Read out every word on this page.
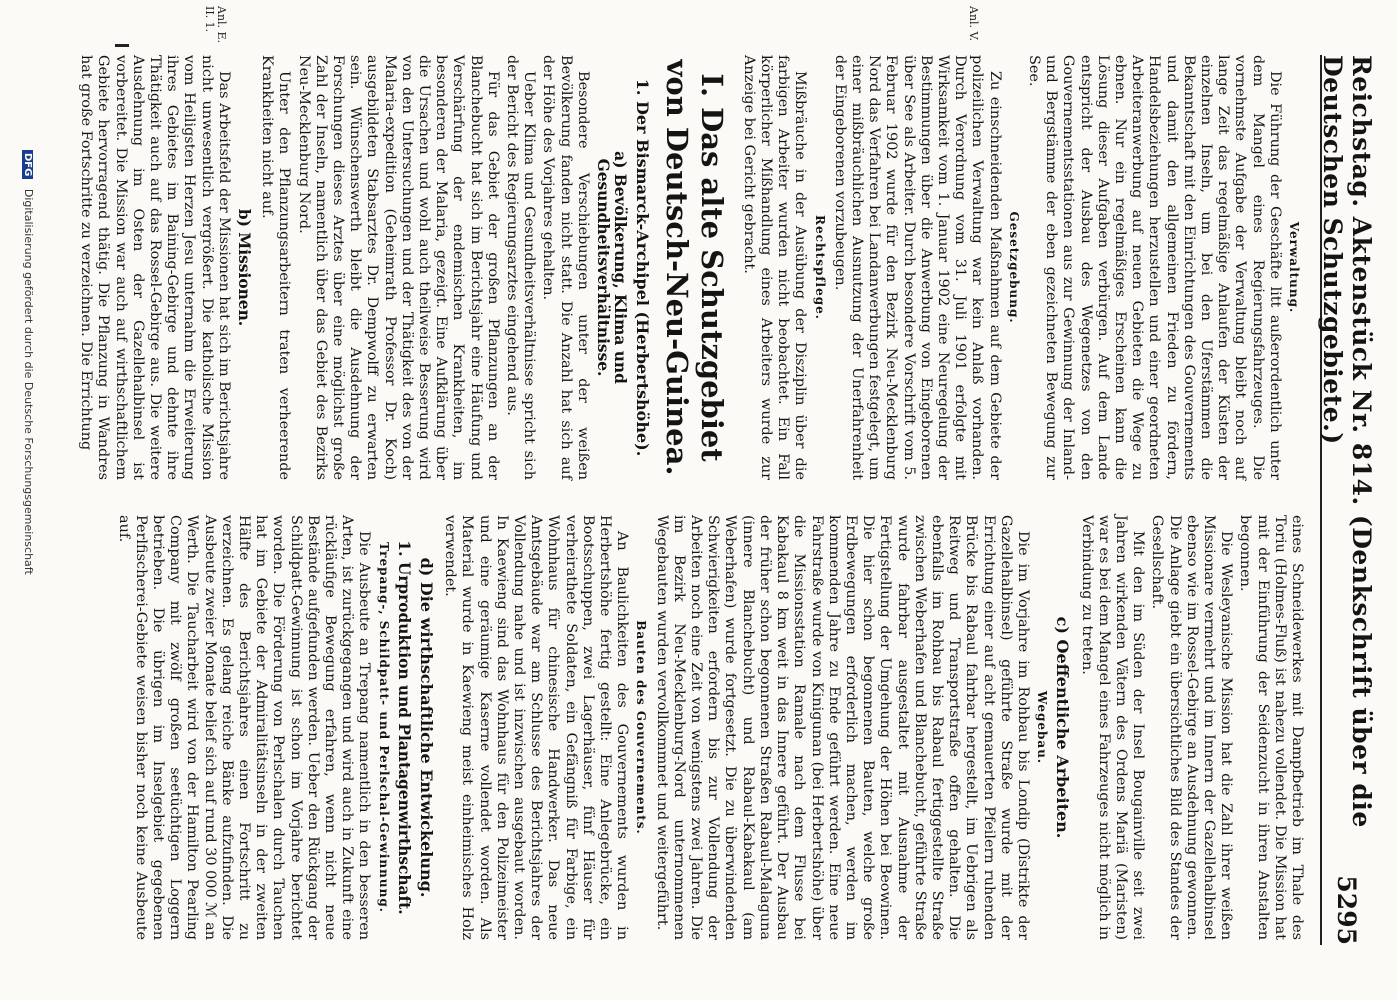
Reichstag. Aktenstück Nr. 814. (Denkschrift über die Deutschen Schutzgebiete.)
5295
Verwaltung.

Die Führung der Geschäfte litt außerordentlich unter dem Mangel eines Regierungsfahrzeuges. Die vornehmste Aufgabe der Verwaltung bleibt noch auf lange Zeit das regelmäßige Anlaufen der Küsten der einzelnen Inseln, um bei den Uferstämmen die Bekanntschaft mit den Einrichtungen des Gouvernements und damit den allgemeinen Frieden zu fördern, Handelsbeziehungen herzustellen und einer geordneten Arbeiteranwerbung auf neuen Gebieten die Wege zu ebnen. Nur ein regelmäßiges Erscheinen kann die Lösung dieser Aufgaben verbürgen. Auf dem Lande entspricht der Ausbau des Wegenetzes von den Gouvernementsstationen aus zur Gewinnung der Inland- und Bergstämme der eben gezeichneten Bewegung zur See.

Gesetzgebung.

Zu einschneidenden Maßnahmen auf dem Gebiete der polizeilichen Verwaltung war kein Anlaß vorhanden. Durch Verordnung vom 31. Juli 1901 erfolgte mit Wirksamkeit vom 1. Januar 1902 eine Neuregelung der Bestimmungen über die Anwerbung von Eingeborenen über See als Arbeiter. Durch besondere Vorschrift vom 5. Februar 1902 wurde für den Bezirk Neu-Mecklenburg Nord das Verfahren bei Landanwerbungen festgelegt, um einer mißbräuchlichen Ausnutzung der Unerfahrenheit der Eingeborenen vorzubeugen.

Rechtspflege.

Mißbräuche in der Ausübung der Disziplin über die farbigen Arbeiter wurden nicht beobachtet. Ein Fall körperlicher Mißhandlung eines Arbeiters wurde zur Anzeige bei Gericht gebracht.

I. Das alte Schutzgebiet von Deutsch-Neu-Guinea.
1. Der Bismarck-Archipel (Herbertshöhe).
a) Bevölkerung, Klima und Gesundheitsverhältnisse.

Besondere Verschiebungen unter der weißen Bevölkerung fanden nicht statt. Die Anzahl hat sich auf der Höhe des Vorjahres gehalten.

Ueber Klima und Gesundheitsverhältnisse spricht sich der Bericht des Regierungsarztes eingehend aus.

Für das Gebiet der großen Pflanzungen an der Blanchebucht hat sich im Berichtsjahr eine Häufung und Verschärfung der endemischen Krankheiten, im besonderen der Malaria, gezeigt. Eine Aufklärung über die Ursachen und wohl auch theilweise Besserung wird von den Untersuchungen und der Thätigkeit des von der Malaria-expedition (Geheimrath Professor Dr. Koch) ausgebildeten Stabsarztes Dr. Dempwolff zu erwarten sein. Wünschenswerth bleibt die Ausdehnung der Forschungen dieses Arztes über eine möglichst große Zahl der Inseln, namentlich über das Gebiet des Bezirks Neu-Mecklenburg Nord.

Unter den Pflanzungsarbeitern traten verheerende Krankheiten nicht auf.

b) Missionen.

Das Arbeitsfeld der Missionen hat sich im Berichtsjahre nicht unwesentlich vergrößert. Die katholische Mission vom Heiligsten Herzen Jesu unternahm die Erweiterung ihres Gebietes im Baining-Gebirge und dehnte ihre Thätigkeit auch auf das Rossel-Gebirge aus. Die weitere Ausdehnung im Osten der Gazellehalbinsel ist vorbereitet. Die Mission war auch auf wirthschaftlichem Gebiete hervorragend thätig. Die Pflanzung in Wandres hat große Fortschritte zu verzeichnen. Die Errichtung

eines Schneidewerkes mit Dampfbetrieb im Thale des Toriu (Holmes-Fluß) ist nahezu vollendet. Die Mission hat mit der Einführung der Seidenzucht in ihren Anstalten begonnen.

Die Wesleyanische Mission hat die Zahl ihrer weißen Missionare vermehrt und im Innern der Gazellehalbinsel ebenso wie im Rossel-Gebirge an Ausdehnung gewonnen. Die Anlage giebt ein übersichtliches Bild des Standes der Gesellschaft.

Mit den im Süden der Insel Bougainville seit zwei Jahren wirkenden Vätern des Ordens Mariä (Maristen) war es bei dem Mangel eines Fahrzeuges nicht möglich in Verbindung zu treten.

c) Oeffentliche Arbeiten.
Wegebau.

Die im Vorjahre im Rohbau bis Londip (Dîstrikte der Gazellehalbinsel) geführte Straße wurde mit der Errichtung einer auf acht gemauerten Pfeilern ruhenden Brücke bis Rabaul fahrbar hergestellt, im Uebrigen als Reitweg und Transportstraße offen gehalten. Die ebenfalls im Rohbau bis Rabaul fertiggestellte Straße zwischen Weberhafen und Blanchebucht, geführte Straße wurde fahrbar ausgestaltet mit Ausnahme der Fertigstellung der Umgehung der Höhen bei Beowinen. Die hier schon begonnenen Bauten, welche große Erdbewegungen erforderlich machen, werden im kommenden Jahre zu Ende geführt werden. Eine neue Fahrstraße wurde von Kinigunan (bei Herbertshöhe) über die Missionsstation Ramale nach dem Flusse bei Kabakaul 8 km weit in das Innere geführt. Der Ausbau der früher schon begonnenen Straßen Rabaul-Malaguna (innere Blanchebucht) und Rabaul-Kabakaul (am Weberhafen) wurde fortgesetzt. Die zu überwindenden Schwierigkeiten erfordern bis zur Vollendung der Arbeiten noch eine Zeit von wenigstens zwei Jahren. Die im Bezirk Neu-Mecklenburg-Nord unternommenen Wegebauten wurden vervollkommnet und weitergeführt.

Bauten des Gouvernements.

An Baulichkeiten des Gouvernements wurden in Herbertshöhe fertig gestellt: Eine Anlegebrücke, ein Bootsschuppen, zwei Lagerhäuser, fünf Häuser für verheirathete Soldaten, ein Gefängniß für Farbige, ein Wohnhaus für chinesische Handwerker. Das neue Amtsgebäude war am Schlusse des Berichtsjahres der Vollendung nahe und ist inzwischen ausgebaut worden. In Kaewieng sind das Wohnhaus für den Polizeimeister und eine geräumige Kaserne vollendet worden. Als Material wurde in Kaewieng meist einheimisches Holz verwendet.

d) Die wirthschaftliche Entwickelung.
1. Urproduktion und Plantagenwirthschaft.
Trepang-, Schildpatt- und Perlschal-Gewinnung.

Die Ausbeute an Trepang namentlich in den besseren Arten, ist zurückgegangen und wird auch in Zukunft eine rückläufige Bewegung erfahren, wenn nicht neue Bestände aufgefunden werden. Ueber den Rückgang der Schildpatt-Gewinnung ist schon im Vorjahre berichtet worden. Die Förderung von Perlschalen durch Tauchen hat im Gebiete der Admiralitätsinseln in der zweiten Hälfte des Berichtsjahres einen Fortschritt zu verzeichnen. Es gelang reiche Bänke aufzufinden. Die Ausbeute zweier Monate belief sich auf rund 30 000 ℳ an Werth. Die Taucharbeit wird von der Hamilton Pearling Company mit zwölf großen seetüchtigen Loggern betrieben. Die übrigen im Inselgebiet gegebenen Perlfischerei-Gebiete weisen bisher noch keine Ausbeute auf.

Anl. V.
Anl. E. II. 1.
DFG Digitalisierung gefördert durch die Deutsche Forschungsgemeinschaft
